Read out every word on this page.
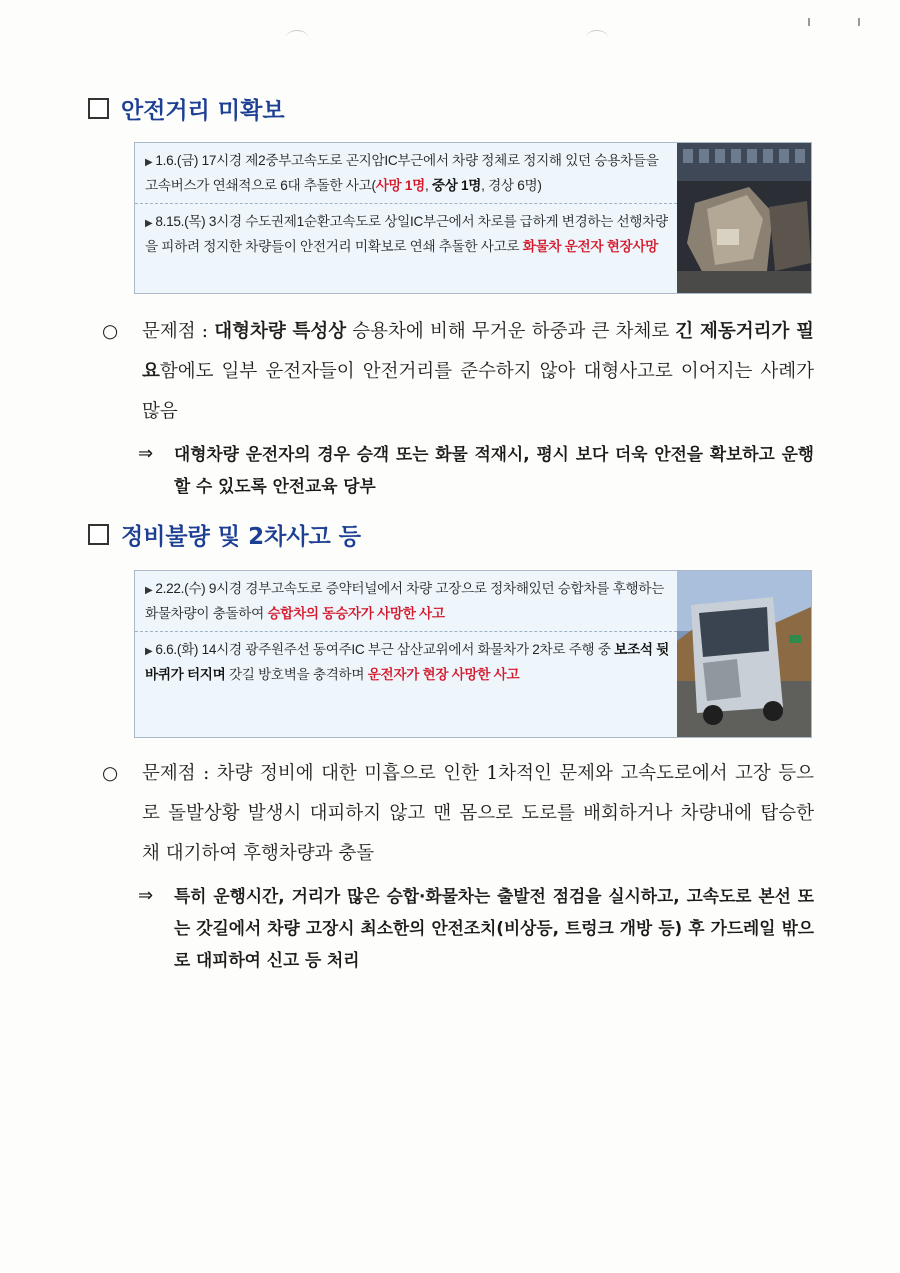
안전거리 미확보
▶ 1.6.(금) 17시경 제2중부고속도로 곤지암IC부근에서 차량 정체로 정지해 있던 승용차들을 고속버스가 연쇄적으로 6대 추돌한 사고(사망 1명, 중상 1명, 경상 6명)
▶ 8.15.(목) 3시경 수도권제1순환고속도로 상일IC부근에서 차로를 급하게 변경하는 선행차량을 피하려 정지한 차량들이 안전거리 미확보로 연쇄 추돌한 사고로 화물차 운전자 현장사망
○ 문제점 : 대형차량 특성상 승용차에 비해 무거운 하중과 큰 차체로 긴 제동거리가 필요함에도 일부 운전자들이 안전거리를 준수하지 않아 대형사고로 이어지는 사례가 많음
⇒ 대형차량 운전자의 경우 승객 또는 화물 적재시, 평시 보다 더욱 안전을 확보하고 운행할 수 있도록 안전교육 당부
정비불량 및 2차사고 등
▶ 2.22.(수) 9시경 경부고속도로 증약터널에서 차량 고장으로 정차해있던 승합차를 후행하는 화물차량이 충돌하여 승합차의 동승자가 사망한 사고
▶ 6.6.(화) 14시경 광주원주선 동여주IC 부근 삼산교위에서 화물차가 2차로 주행 중 보조석 뒷바퀴가 터지며 갓길 방호벽을 충격하며 운전자가 현장 사망한 사고
○ 문제점 : 차량 정비에 대한 미흡으로 인한 1차적인 문제와 고속도로에서 고장 등으로 돌발상황 발생시 대피하지 않고 맨 몸으로 도로를 배회하거나 차량내에 탑승한 채 대기하여 후행차량과 충돌
⇒ 특히 운행시간, 거리가 많은 승합·화물차는 출발전 점검을 실시하고, 고속도로 본선 또는 갓길에서 차량 고장시 최소한의 안전조치(비상등, 트렁크 개방 등) 후 가드레일 밖으로 대피하여 신고 등 처리
